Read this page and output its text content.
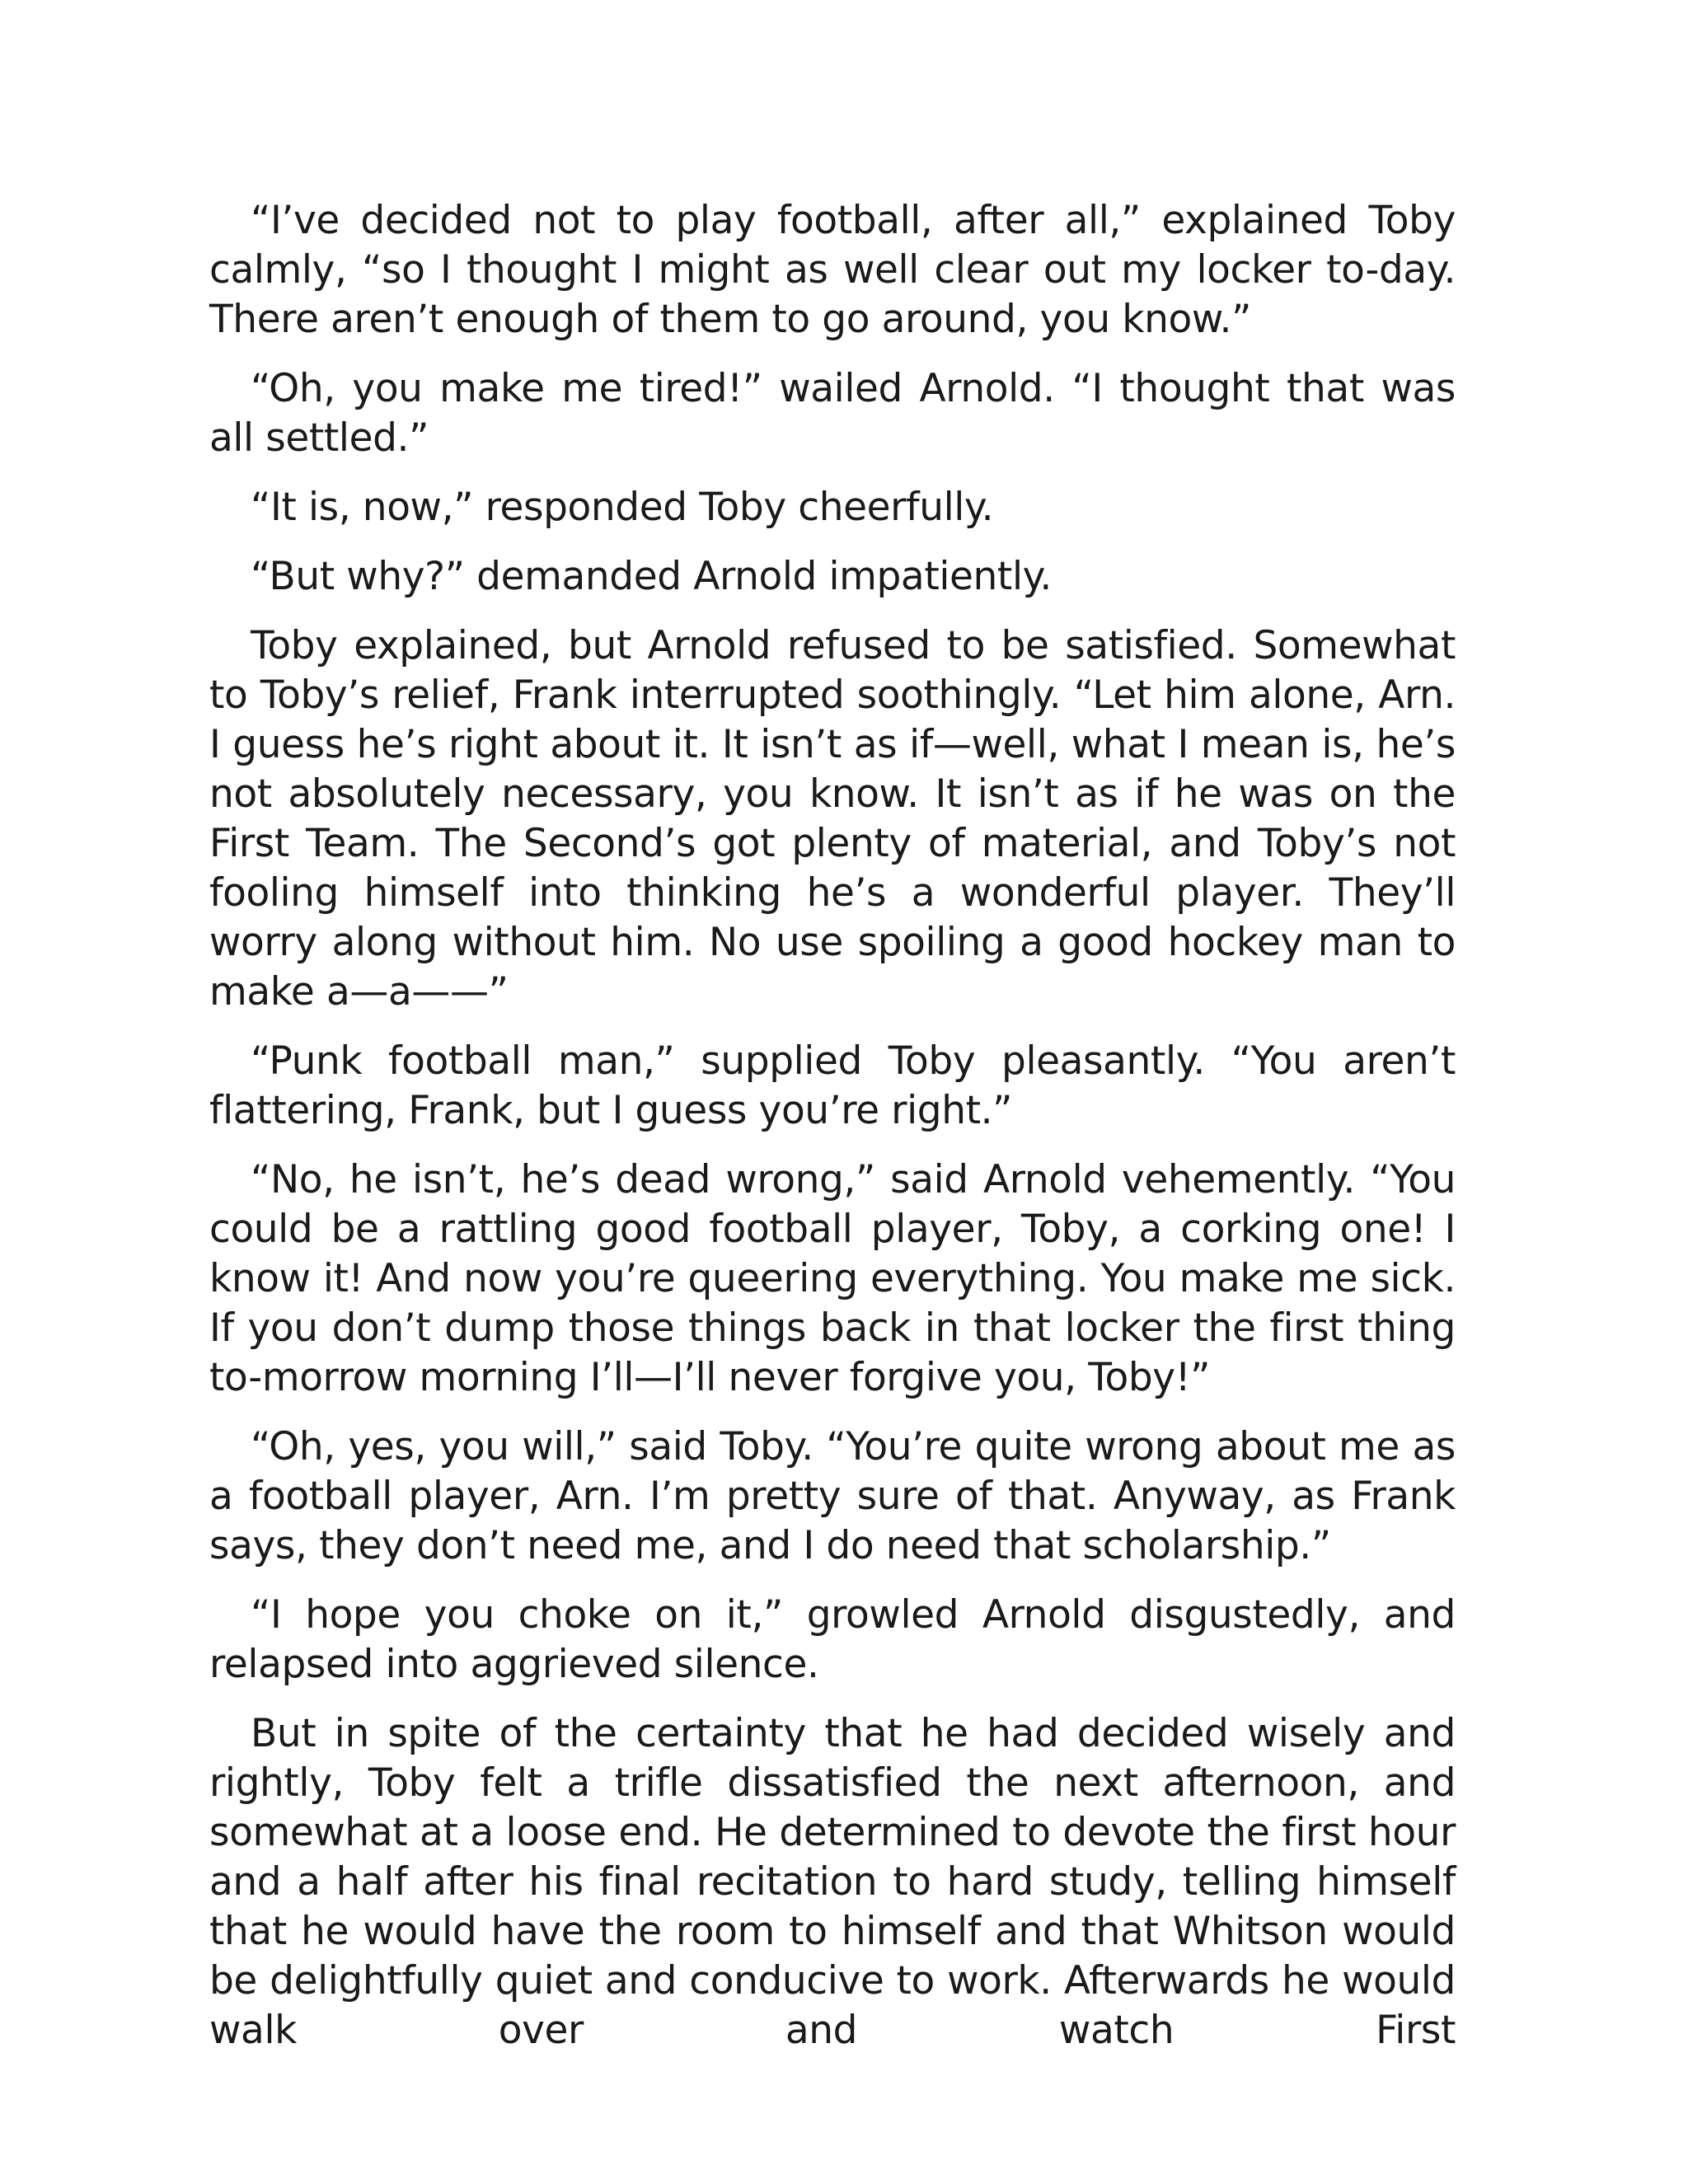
“I’ve decided not to play football, after all,” explained Toby calmly, “so I thought I might as well clear out my locker to-day. There aren’t enough of them to go around, you know.”

“Oh, you make me tired!” wailed Arnold. “I thought that was all settled.”

“It is, now,” responded Toby cheerfully.

“But why?” demanded Arnold impatiently.

Toby explained, but Arnold refused to be satisfied. Somewhat to Toby’s relief, Frank interrupted soothingly. “Let him alone, Arn. I guess he’s right about it. It isn’t as if—well, what I mean is, he’s not absolutely necessary, you know. It isn’t as if he was on the First Team. The Second’s got plenty of material, and Toby’s not fooling himself into thinking he’s a wonderful player. They’ll worry along without him. No use spoiling a good hockey man to make a—a——”

“Punk football man,” supplied Toby pleasantly. “You aren’t flattering, Frank, but I guess you’re right.”

“No, he isn’t, he’s dead wrong,” said Arnold vehemently. “You could be a rattling good football player, Toby, a corking one! I know it! And now you’re queering everything. You make me sick. If you don’t dump those things back in that locker the first thing to-morrow morning I’ll—I’ll never forgive you, Toby!”

“Oh, yes, you will,” said Toby. “You’re quite wrong about me as a football player, Arn. I’m pretty sure of that. Anyway, as Frank says, they don’t need me, and I do need that scholarship.”

“I hope you choke on it,” growled Arnold disgustedly, and relapsed into aggrieved silence.

But in spite of the certainty that he had decided wisely and rightly, Toby felt a trifle dissatisfied the next afternoon, and somewhat at a loose end. He determined to devote the first hour and a half after his final recitation to hard study, telling himself that he would have the room to himself and that Whitson would be delightfully quiet and conducive to work. Afterwards he would walk over and watch First
